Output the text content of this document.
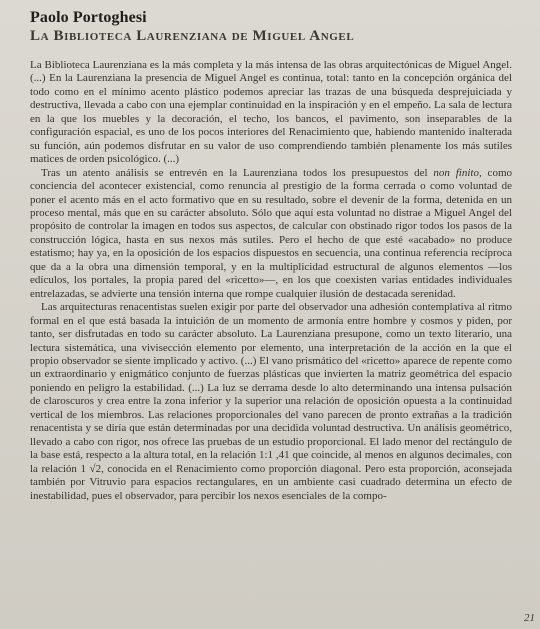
Paolo Portoghesi
La Biblioteca Laurenziana de Miguel Angel

La Biblioteca Laurenziana es la más completa y la más intensa de las obras arquitectónicas de Miguel Angel. (...) En la Laurenziana la presencia de Miguel Angel es continua, total: tanto en la concepción orgánica del todo como en el mínimo acento plástico podemos apreciar las trazas de una búsqueda desprejuiciada y destructiva, llevada a cabo con una ejemplar continuidad en la inspiración y en el empeño. La sala de lectura en la que los muebles y la decoración, el techo, los bancos, el pavimento, son inseparables de la configuración espacial, es uno de los pocos interiores del Renacimiento que, habiendo mantenido inalterada su función, aún podemos disfrutar en su valor de uso comprendiendo también plenamente los más sutiles matices de orden psicológico. (...)

Tras un atento análisis se entrevén en la Laurenziana todos los presupuestos del non finito, como conciencia del acontecer existencial, como renuncia al prestigio de la forma cerrada o como voluntad de poner el acento más en el acto formativo que en su resultado, sobre el devenir de la forma, detenida en un proceso mental, más que en su carácter absoluto. Sólo que aquí esta voluntad no distrae a Miguel Angel del propósito de controlar la imagen en todos sus aspectos, de calcular con obstinado rigor todos los pasos de la construcción lógica, hasta en sus nexos más sutiles. Pero el hecho de que esté «acabado» no produce estatismo; hay ya, en la oposición de los espacios dispuestos en secuencia, una continua referencia recíproca que da a la obra una dimensión temporal, y en la multiplicidad estructural de algunos elementos —los edículos, los portales, la propia pared del «ricetto»—, en los que coexisten varias entidades individuales entrelazadas, se advierte una tensión interna que rompe cualquier ilusión de destacada serenidad.

Las arquitecturas renacentistas suelen exigir por parte del observador una adhesión contemplativa al ritmo formal en el que está basada la intuición de un momento de armonía entre hombre y cosmos y piden, por tanto, ser disfrutadas en todo su carácter absoluto. La Laurenziana presupone, como un texto literario, una lectura sistemática, una vivisección elemento por elemento, una interpretación de la acción en la que el propio observador se siente implicado y activo. (...) El vano prismático del «ricetto» aparece de repente como un extraordinario y enigmático conjunto de fuerzas plásticas que invierten la matriz geométrica del espacio poniendo en peligro la estabilidad. (...) La luz se derrama desde lo alto determinando una intensa pulsación de claroscuros y crea entre la zona inferior y la superior una relación de oposición opuesta a la continuidad vertical de los miembros. Las relaciones proporcionales del vano parecen de pronto extrañas a la tradición renacentista y se diría que están determinadas por una decidida voluntad destructiva. Un análisis geométrico, llevado a cabo con rigor, nos ofrece las pruebas de un estudio proporcional. El lado menor del rectángulo de la base está, respecto a la altura total, en la relación 1:1 ,41 que coincide, al menos en algunos decimales, con la relación 1 √2, conocida en el Renacimiento como proporción diagonal. Pero esta proporción, aconsejada también por Vitruvio para espacios rectangulares, en un ambiente casi cuadrado determina un efecto de inestabilidad, pues el observador, para percibir los nexos esenciales de la compo-

21
